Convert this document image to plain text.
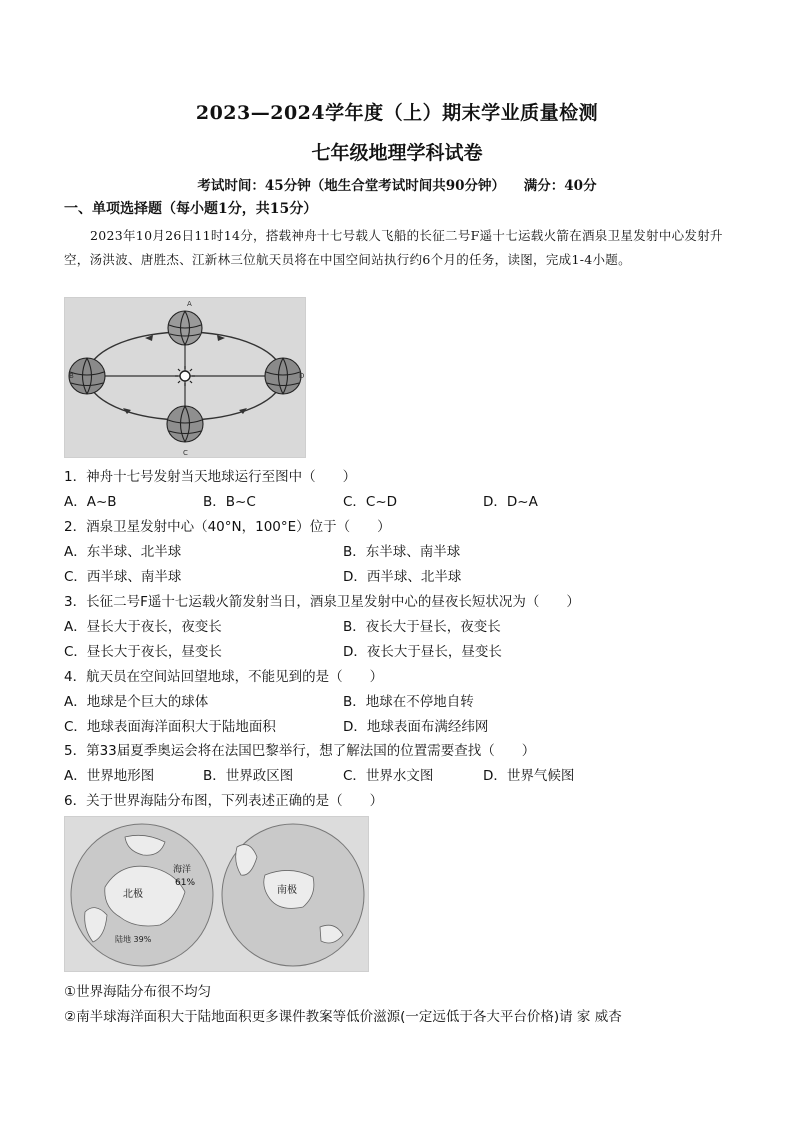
2023—2024学年度（上）期末学业质量检测
七年级地理学科试卷
考试时间：45分钟（地生合堂考试时间共90分钟）    满分：40分
一、单项选择题（每小题1分，共15分）
2023年10月26日11时14分，搭载神舟十七号载人飞船的长征二号F遥十七运载火箭在酒泉卫星发射中心发射升空，汤洪波、唐胜杰、江新林三位航天员将在中国空间站执行约6个月的任务，读图，完成1-4小题。
A
B
C
D
1．神舟十七号发射当天地球运行至图中（　　）
A．A~B	B．B~C	C．C~D	D．D~A
2．酒泉卫星发射中心（40°N，100°E）位于（　　）
A．东半球、北半球	B．东半球、南半球
C．西半球、南半球	D．西半球、北半球
3．长征二号F遥十七运载火箭发射当日，酒泉卫星发射中心的昼夜长短状况为（　　）
A．昼长大于夜长，夜变长	B．夜长大于昼长，夜变长
C．昼长大于夜长，昼变长	D．夜长大于昼长，昼变长
4．航天员在空间站回望地球，不能见到的是（　　）
A．地球是个巨大的球体	B．地球在不停地自转
C．地球表面海洋面积大于陆地面积	D．地球表面布满经纬网
5．第33届夏季奥运会将在法国巴黎举行，想了解法国的位置需要查找（　　）
A．世界地形图	B．世界政区图	C．世界水文图	D．世界气候图
6．关于世界海陆分布图，下列表述正确的是（　　）
北极	南极
海洋
61%
陆地 39%
①世界海陆分布很不均匀
②南半球海洋面积大于陆地面积更多课件教案等低价滋源(一定远低于各大平台价格)请 家 威杏
